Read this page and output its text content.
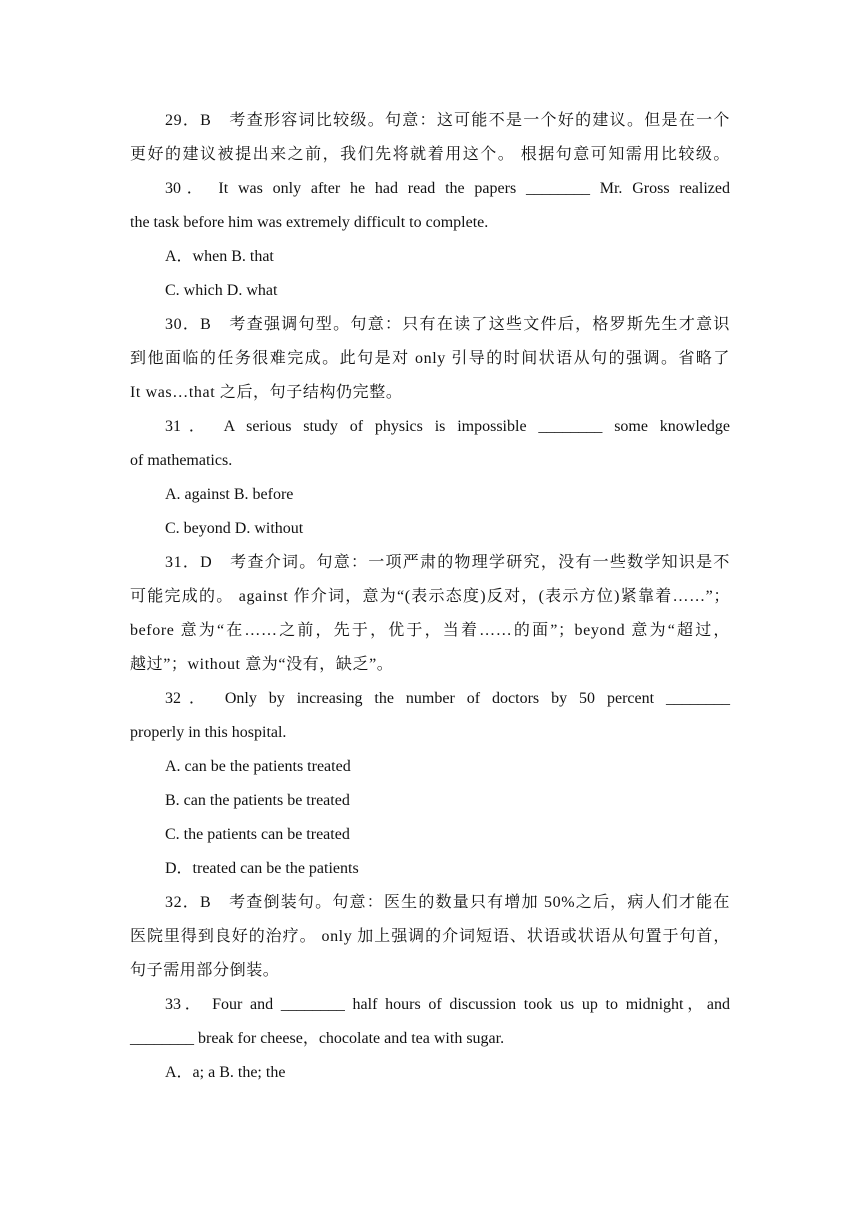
29．B　考查形容词比较级。句意：这可能不是一个好的建议。但是在一个
更好的建议被提出来之前，我们先将就着用这个。 根据句意可知需用比较级。
30． It was only after he had read the papers ________ Mr. Gross realized
the task before him was extremely difficult to complete.
A．when B. that
C. which D. what
30．B　考查强调句型。句意：只有在读了这些文件后，格罗斯先生才意识
到他面临的任务很难完成。此句是对 only 引导的时间状语从句的强调。省略了
It was…that 之后，句子结构仍完整。
31． A serious study of physics is impossible ________ some knowledge
of mathematics.
A. against B. before
C. beyond D. without
31．D　考查介词。句意：一项严肃的物理学研究，没有一些数学知识是不
可能完成的。 against 作介词，意为“(表示态度)反对，(表示方位)紧靠着……”；
before 意为“在……之前，先于，优于，当着……的面”；beyond 意为“超过，
越过”；without 意为“没有，缺乏”。
32． Only by increasing the number of doctors by 50 percent ________
properly in this hospital.
A. can be the patients treated
B. can the patients be treated
C. the patients can be treated
D．treated can be the patients
32．B　考查倒装句。句意：医生的数量只有增加 50%之后，病人们才能在
医院里得到良好的治疗。 only 加上强调的介词短语、状语或状语从句置于句首，
句子需用部分倒装。
33． Four and ________ half hours of discussion took us up to midnight，and
________ break for cheese，chocolate and tea with sugar.
A．a; a B. the; the
